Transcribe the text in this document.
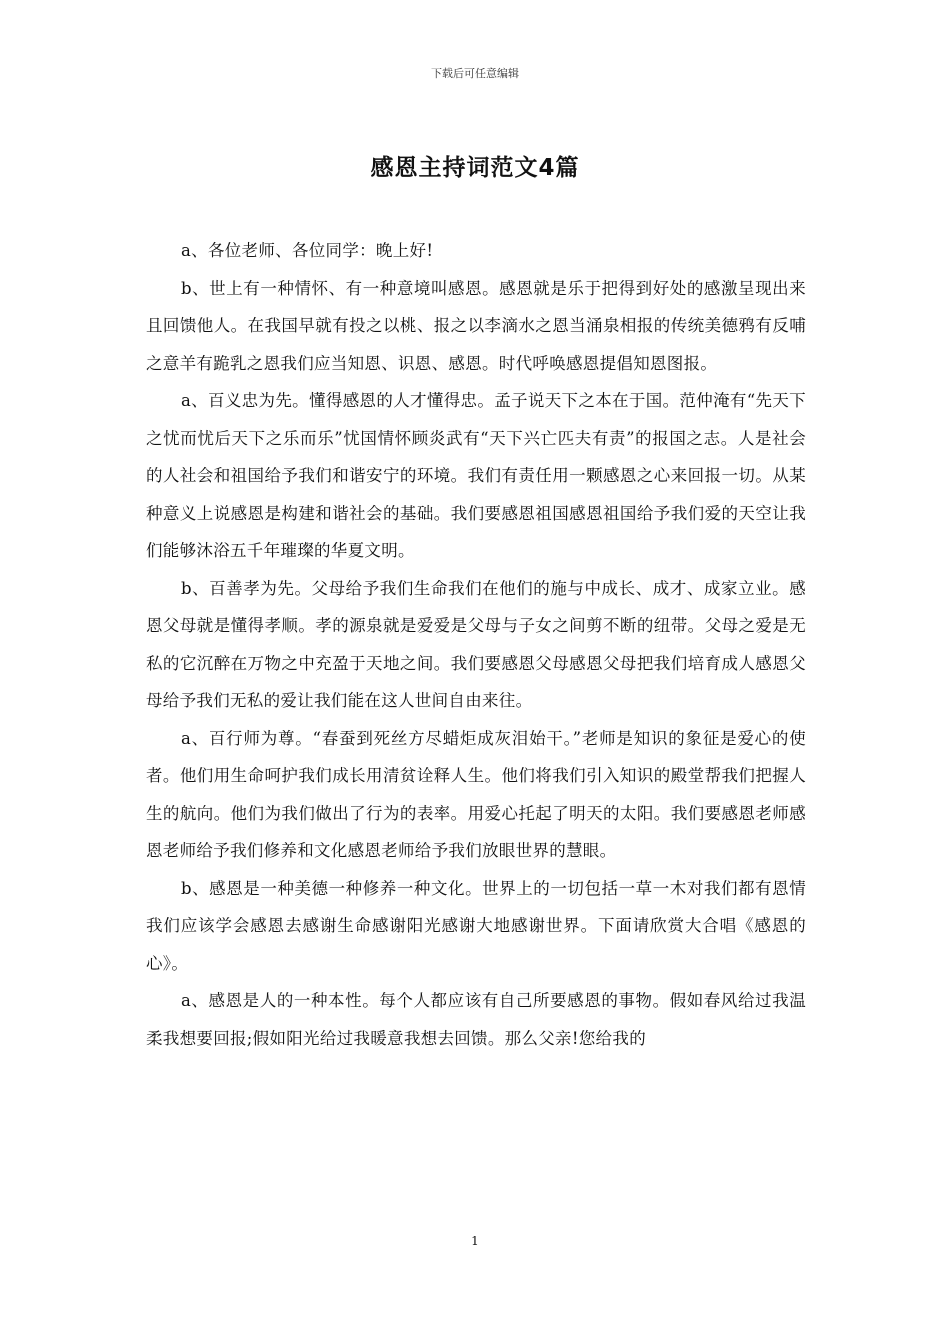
下载后可任意编辑
感恩主持词范文4篇

a、各位老师、各位同学：晚上好!

b、世上有一种情怀、有一种意境叫感恩。感恩就是乐于把得到好处的感激呈现出来且回馈他人。在我国早就有投之以桃、报之以李滴水之恩当涌泉相报的传统美德鸦有反哺之意羊有跪乳之恩我们应当知恩、识恩、感恩。时代呼唤感恩提倡知恩图报。

a、百义忠为先。懂得感恩的人才懂得忠。孟子说天下之本在于国。范仲淹有“先天下之忧而忧后天下之乐而乐”忧国情怀顾炎武有“天下兴亡匹夫有责”的报国之志。人是社会的人社会和祖国给予我们和谐安宁的环境。我们有责任用一颗感恩之心来回报一切。从某种意义上说感恩是构建和谐社会的基础。我们要感恩祖国感恩祖国给予我们爱的天空让我们能够沐浴五千年璀璨的华夏文明。

b、百善孝为先。父母给予我们生命我们在他们的施与中成长、成才、成家立业。感恩父母就是懂得孝顺。孝的源泉就是爱爱是父母与子女之间剪不断的纽带。父母之爱是无私的它沉醉在万物之中充盈于天地之间。我们要感恩父母感恩父母把我们培育成人感恩父母给予我们无私的爱让我们能在这人世间自由来往。

a、百行师为尊。“春蚕到死丝方尽蜡炬成灰泪始干。”老师是知识的象征是爱心的使者。他们用生命呵护我们成长用清贫诠释人生。他们将我们引入知识的殿堂帮我们把握人生的航向。他们为我们做出了行为的表率。用爱心托起了明天的太阳。我们要感恩老师感恩老师给予我们修养和文化感恩老师给予我们放眼世界的慧眼。

b、感恩是一种美德一种修养一种文化。世界上的一切包括一草一木对我们都有恩情我们应该学会感恩去感谢生命感谢阳光感谢大地感谢世界。下面请欣赏大合唱《感恩的心》。

a、感恩是人的一种本性。每个人都应该有自己所要感恩的事物。假如春风给过我温柔我想要回报;假如阳光给过我暖意我想去回馈。那么父亲!您给我的

1
